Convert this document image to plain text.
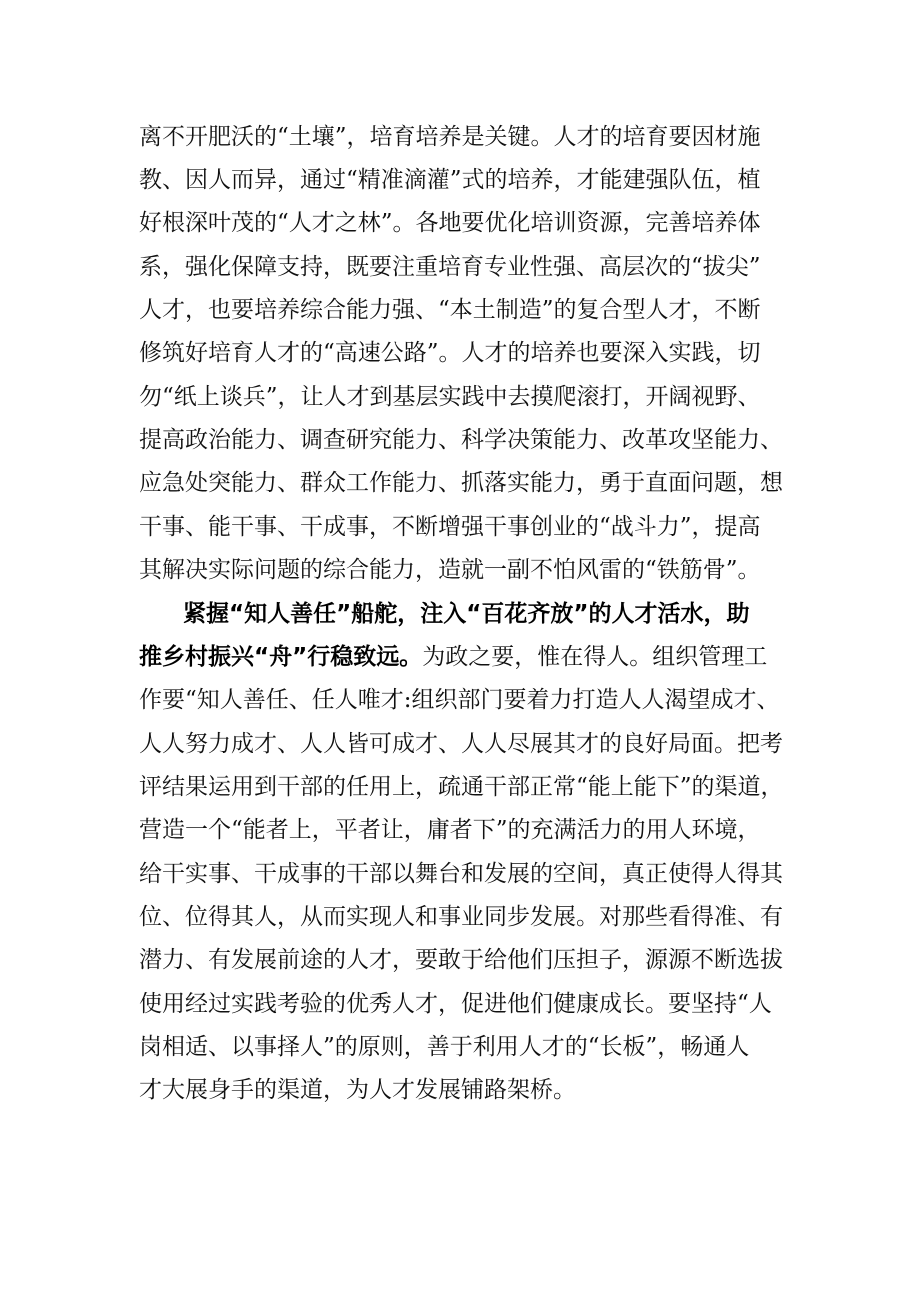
离不开肥沃的“土壤”，培育培养是关键。人才的培育要因材施
教、因人而异，通过“精准滴灌”式的培养，才能建强队伍，植
好根深叶茂的“人才之林”。各地要优化培训资源，完善培养体
系，强化保障支持，既要注重培育专业性强、高层次的“拔尖”
人才，也要培养综合能力强、“本土制造”的复合型人才，不断
修筑好培育人才的“高速公路”。人才的培养也要深入实践，切
勿“纸上谈兵”，让人才到基层实践中去摸爬滚打，开阔视野、
提高政治能力、调查研究能力、科学决策能力、改革攻坚能力、
应急处突能力、群众工作能力、抓落实能力，勇于直面问题，想
干事、能干事、干成事，不断增强干事创业的“战斗力”，提高
其解决实际问题的综合能力，造就一副不怕风雷的“铁筋骨”。
紧握“知人善任”船舵，注入“百花齐放”的人才活水，助
推乡村振兴“舟”行稳致远。为政之要，惟在得人。组织管理工
作要“知人善任、任人唯才:组织部门要着力打造人人渴望成才、
人人努力成才、人人皆可成才、人人尽展其才的良好局面。把考
评结果运用到干部的任用上，疏通干部正常“能上能下”的渠道，
营造一个“能者上，平者让，庸者下”的充满活力的用人环境，
给干实事、干成事的干部以舞台和发展的空间，真正使得人得其
位、位得其人，从而实现人和事业同步发展。对那些看得准、有
潜力、有发展前途的人才，要敢于给他们压担子，源源不断选拔
使用经过实践考验的优秀人才，促进他们健康成长。要坚持“人
岗相适、以事择人”的原则，善于利用人才的“长板”，畅通人
才大展身手的渠道，为人才发展铺路架桥。
